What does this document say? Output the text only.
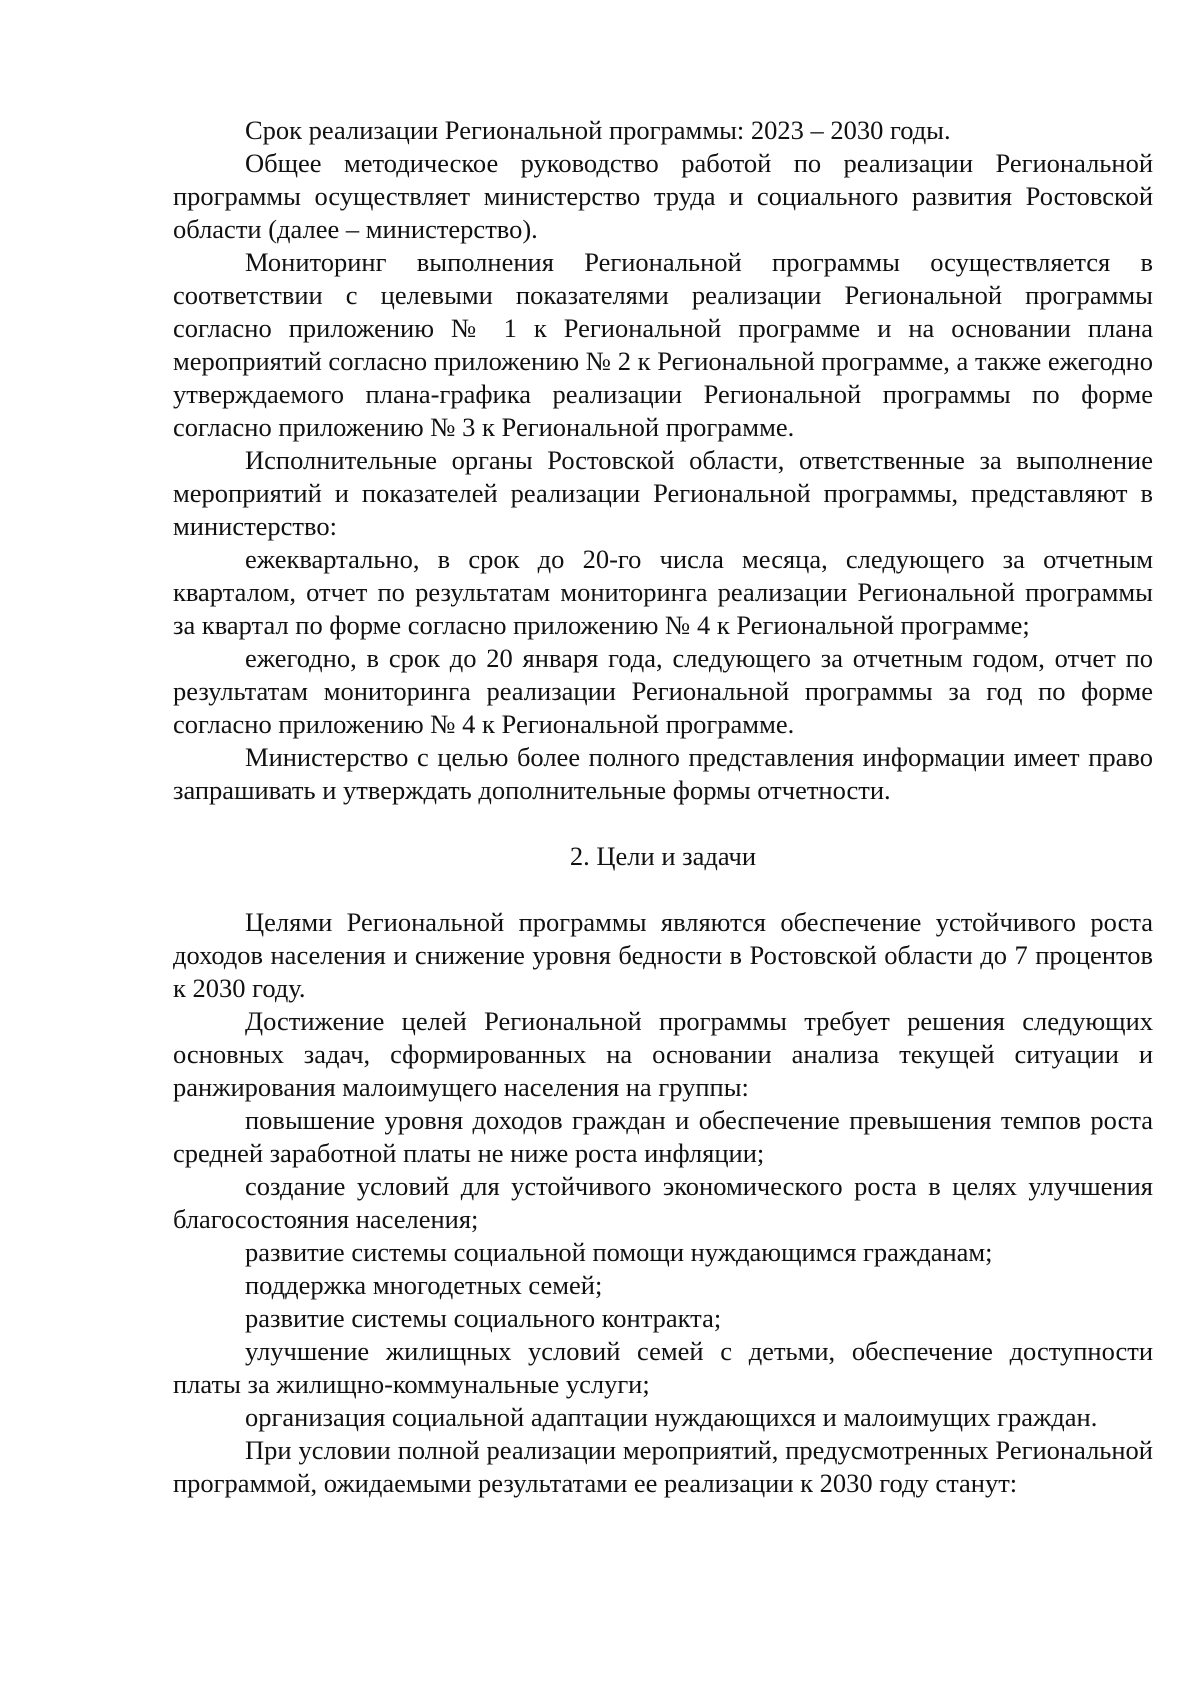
Срок реализации Региональной программы: 2023 – 2030 годы.

Общее методическое руководство работой по реализации Региональной программы осуществляет министерство труда и социального развития Ростовской области (далее – министерство).

Мониторинг выполнения Региональной программы осуществляется в соответствии с целевыми показателями реализации Региональной программы согласно приложению № 1 к Региональной программе и на основании плана мероприятий согласно приложению № 2 к Региональной программе, а также ежегодно утверждаемого плана-графика реализации Региональной программы по форме согласно приложению № 3 к Региональной программе.

Исполнительные органы Ростовской области, ответственные за выполнение мероприятий и показателей реализации Региональной программы, представляют в министерство:

ежеквартально, в срок до 20-го числа месяца, следующего за отчетным кварталом, отчет по результатам мониторинга реализации Региональной программы за квартал по форме согласно приложению № 4 к Региональной программе;

ежегодно, в срок до 20 января года, следующего за отчетным годом, отчет по результатам мониторинга реализации Региональной программы за год по форме согласно приложению № 4 к Региональной программе.

Министерство с целью более полного представления информации имеет право запрашивать и утверждать дополнительные формы отчетности.

2. Цели и задачи

Целями Региональной программы являются обеспечение устойчивого роста доходов населения и снижение уровня бедности в Ростовской области до 7 процентов к 2030 году.

Достижение целей Региональной программы требует решения следующих основных задач, сформированных на основании анализа текущей ситуации и ранжирования малоимущего населения на группы:

повышение уровня доходов граждан и обеспечение превышения темпов роста средней заработной платы не ниже роста инфляции;

создание условий для устойчивого экономического роста в целях улучшения благосостояния населения;

развитие системы социальной помощи нуждающимся гражданам;

поддержка многодетных семей;

развитие системы социального контракта;

улучшение жилищных условий семей с детьми, обеспечение доступности платы за жилищно-коммунальные услуги;

организация социальной адаптации нуждающихся и малоимущих граждан.

При условии полной реализации мероприятий, предусмотренных Региональной программой, ожидаемыми результатами ее реализации к 2030 году станут:
